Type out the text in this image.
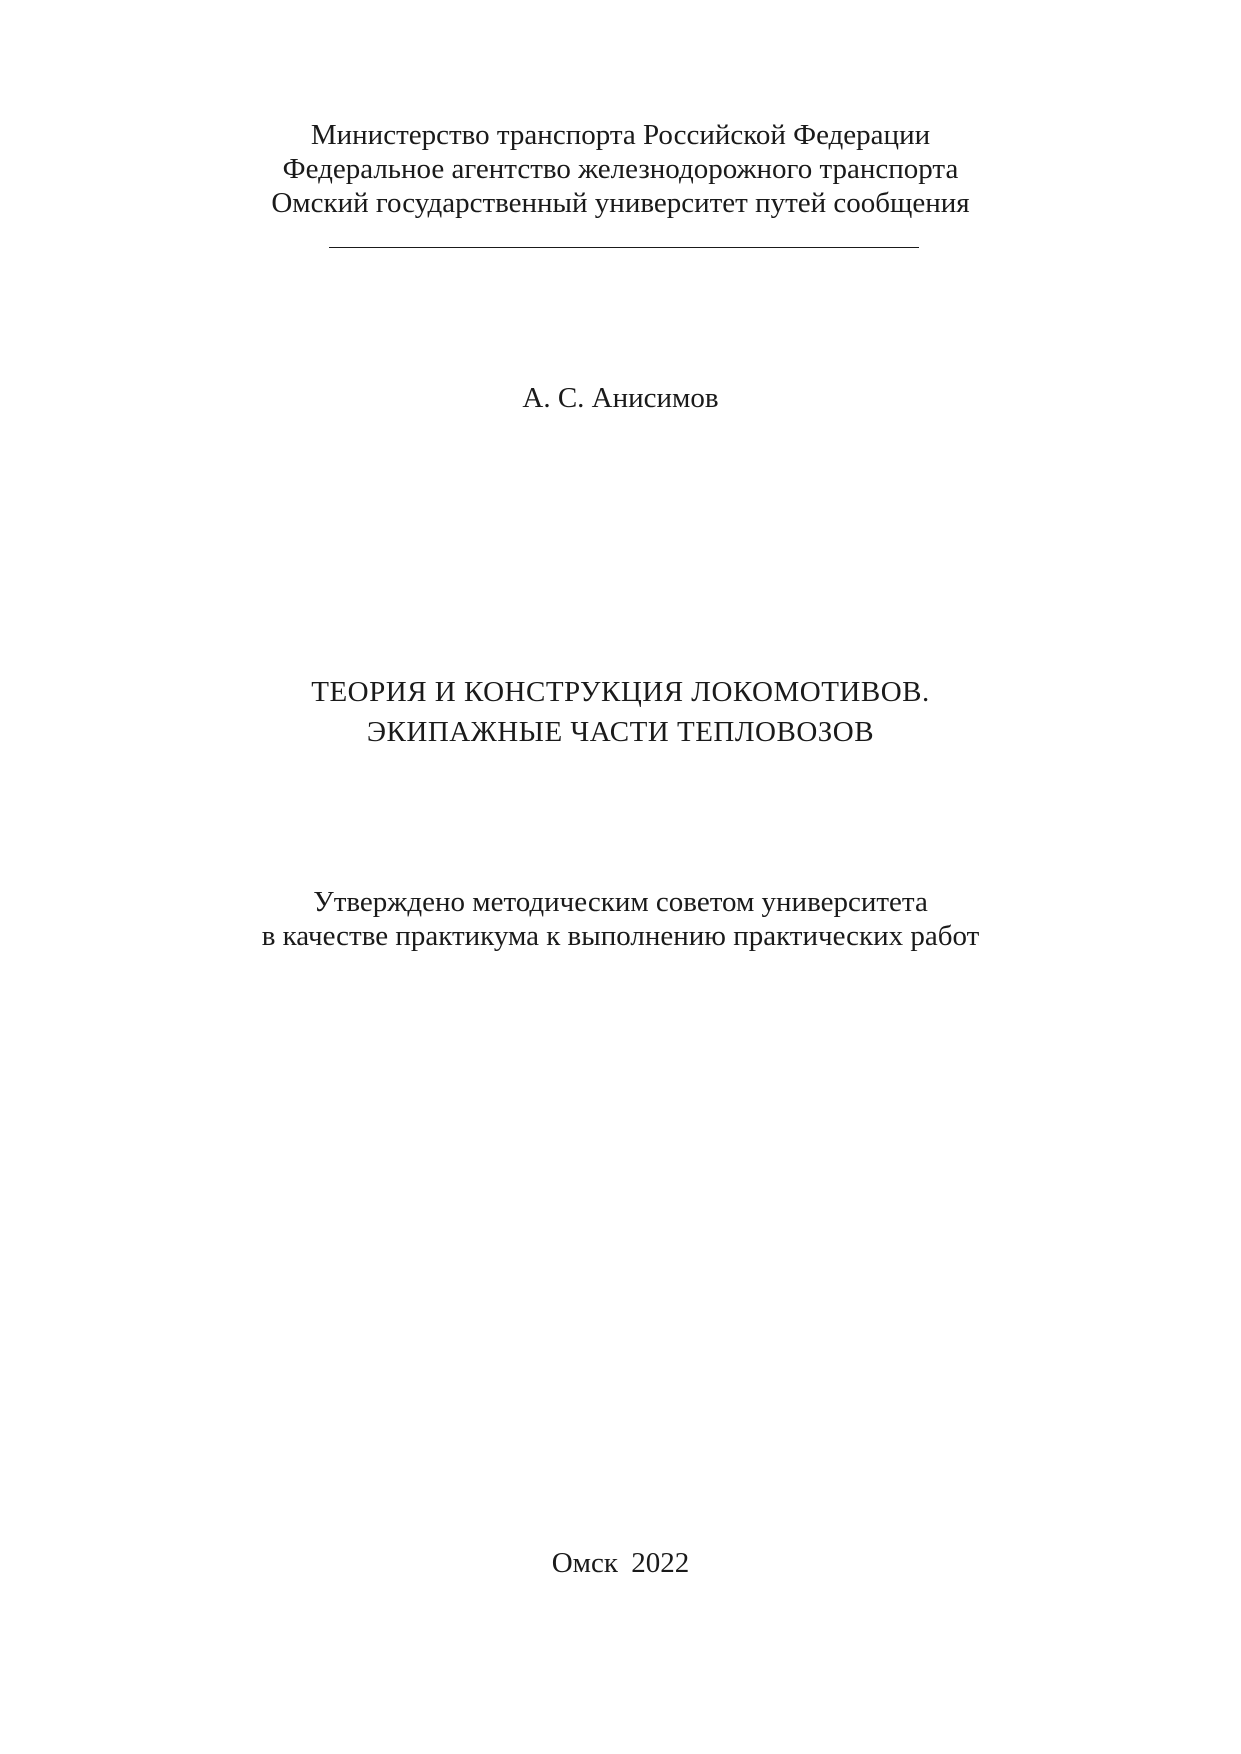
Министерство транспорта Российской Федерации
Федеральное агентство железнодорожного транспорта
Омский государственный университет путей сообщения
А. С. Анисимов
ТЕОРИЯ И КОНСТРУКЦИЯ ЛОКОМОТИВОВ.
ЭКИПАЖНЫЕ ЧАСТИ ТЕПЛОВОЗОВ
Утверждено методическим советом университета
в качестве практикума к выполнению практических работ
Омск 2022
